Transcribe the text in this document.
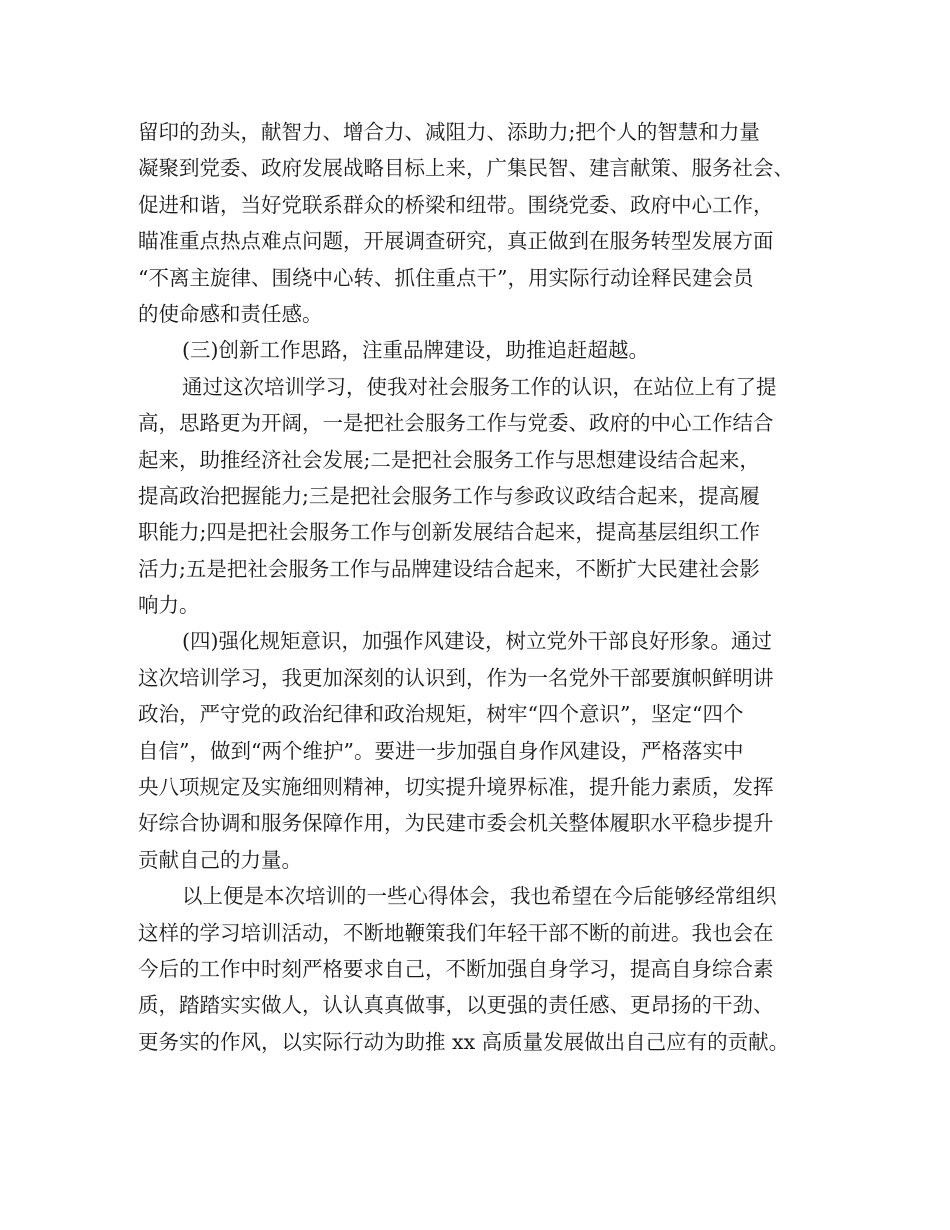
留印的劲头，献智力、增合力、减阻力、添助力;把个人的智慧和力量
凝聚到党委、政府发展战略目标上来，广集民智、建言献策、服务社会、
促进和谐，当好党联系群众的桥梁和纽带。围绕党委、政府中心工作，
瞄准重点热点难点问题，开展调查研究，真正做到在服务转型发展方面
“不离主旋律、围绕中心转、抓住重点干”，用实际行动诠释民建会员
的使命感和责任感。
(三)创新工作思路，注重品牌建设，助推追赶超越。
通过这次培训学习，使我对社会服务工作的认识，在站位上有了提
高，思路更为开阔，一是把社会服务工作与党委、政府的中心工作结合
起来，助推经济社会发展;二是把社会服务工作与思想建设结合起来，
提高政治把握能力;三是把社会服务工作与参政议政结合起来，提高履
职能力;四是把社会服务工作与创新发展结合起来，提高基层组织工作
活力;五是把社会服务工作与品牌建设结合起来，不断扩大民建社会影
响力。
(四)强化规矩意识，加强作风建设，树立党外干部良好形象。通过
这次培训学习，我更加深刻的认识到，作为一名党外干部要旗帜鲜明讲
政治，严守党的政治纪律和政治规矩，树牢“四个意识”，坚定“四个
自信”，做到“两个维护”。要进一步加强自身作风建设，严格落实中
央八项规定及实施细则精神，切实提升境界标准，提升能力素质，发挥
好综合协调和服务保障作用，为民建市委会机关整体履职水平稳步提升
贡献自己的力量。
以上便是本次培训的一些心得体会，我也希望在今后能够经常组织
这样的学习培训活动，不断地鞭策我们年轻干部不断的前进。我也会在
今后的工作中时刻严格要求自己，不断加强自身学习，提高自身综合素
质，踏踏实实做人，认认真真做事，以更强的责任感、更昂扬的干劲、
更务实的作风，以实际行动为助推 xx 高质量发展做出自己应有的贡献。
